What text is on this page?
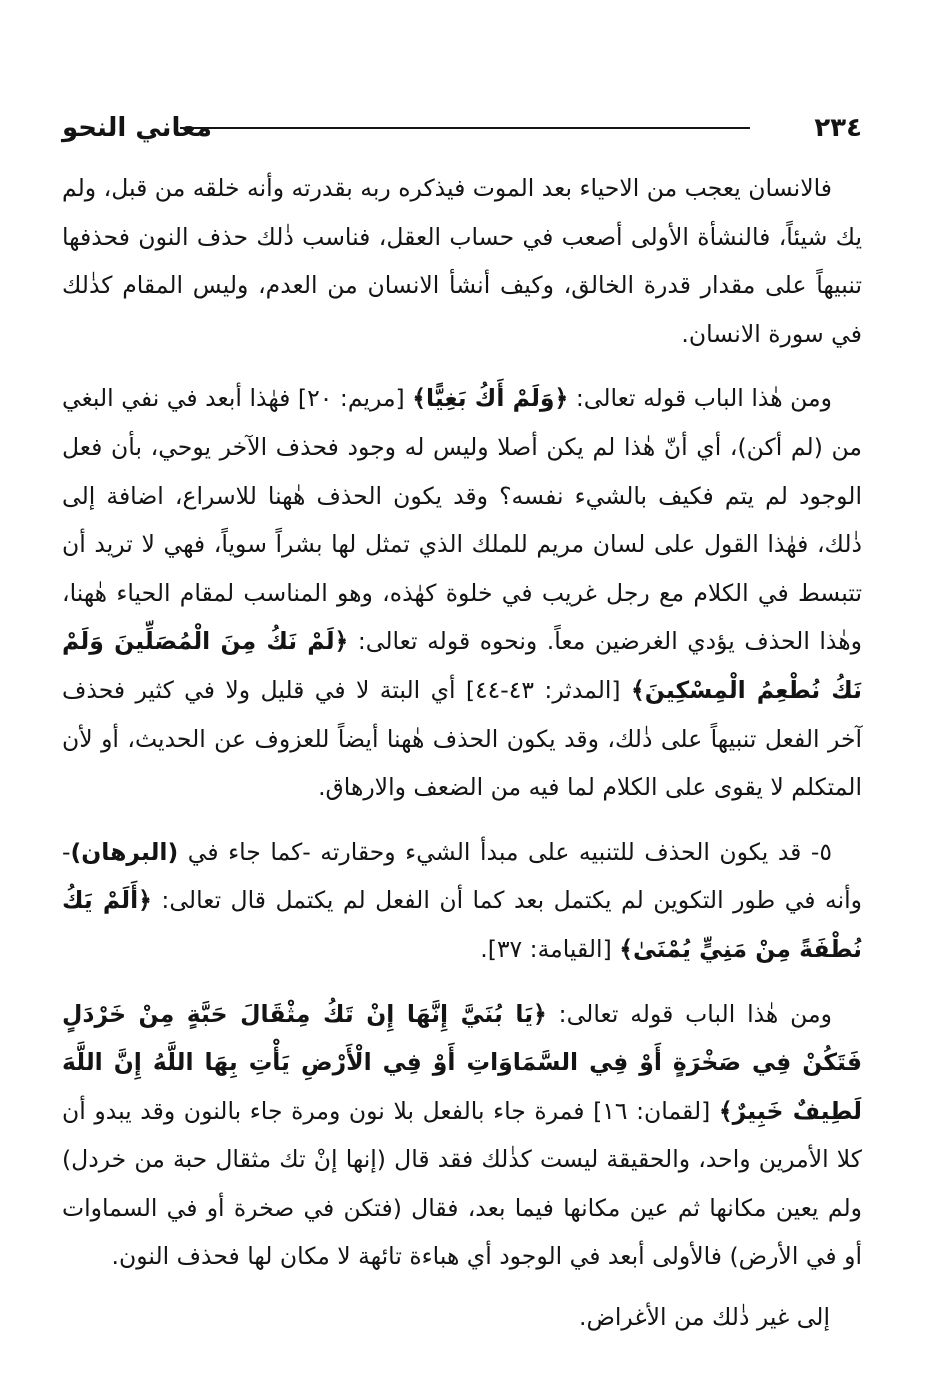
معاني النحو	٢٣٤

فالانسان يعجب من الاحياء بعد الموت فيذكره ربه بقدرته وأنه خلقه من قبل، ولم يك شيئاً، فالنشأة الأولى أصعب في حساب العقل، فناسب ذٰلك حذف النون فحذفها تنبيهاً على مقدار قدرة الخالق، وكيف أنشأ الانسان من العدم، وليس المقام كذٰلك في سورة الانسان.

ومن هٰذا الباب قوله تعالى: ﴿وَلَمْ أَكُ بَغِيًّا﴾ [مريم: ٢٠] فهٰذا أبعد في نفي البغي من (لم أكن)، أي أنّ هٰذا لم يكن أصلا وليس له وجود فحذف الآخر يوحي، بأن فعل الوجود لم يتم فكيف بالشيء نفسه؟ وقد يكون الحذف هٰهنا للاسراع، اضافة إلى ذٰلك، فهٰذا القول على لسان مريم للملك الذي تمثل لها بشراً سوياً، فهي لا تريد أن تتبسط في الكلام مع رجل غريب في خلوة كهٰذه، وهو المناسب لمقام الحياء هٰهنا، وهٰذا الحذف يؤدي الغرضين معاً. ونحوه قوله تعالى: ﴿لَمْ نَكُ مِنَ الْمُصَلِّينَ وَلَمْ نَكُ نُطْعِمُ الْمِسْكِينَ﴾ [المدثر: ٤٣-٤٤] أي البتة لا في قليل ولا في كثير فحذف آخر الفعل تنبيهاً على ذٰلك، وقد يكون الحذف هٰهنا أيضاً للعزوف عن الحديث، أو لأن المتكلم لا يقوى على الكلام لما فيه من الضعف والارهاق.

٥- قد يكون الحذف للتنبيه على مبدأ الشيء وحقارته -كما جاء في (البرهان)- وأنه في طور التكوين لم يكتمل بعد كما أن الفعل لم يكتمل قال تعالى: ﴿أَلَمْ يَكُ نُطْفَةً مِنْ مَنِيٍّ يُمْنَىٰ﴾ [القيامة: ٣٧].

ومن هٰذا الباب قوله تعالى: ﴿يَا بُنَيَّ إِنَّهَا إِنْ تَكُ مِثْقَالَ حَبَّةٍ مِنْ خَرْدَلٍ فَتَكُنْ فِي صَخْرَةٍ أَوْ فِي السَّمَاوَاتِ أَوْ فِي الْأَرْضِ يَأْتِ بِهَا اللَّهُ إِنَّ اللَّهَ لَطِيفٌ خَبِيرٌ﴾ [لقمان: ١٦] فمرة جاء بالفعل بلا نون ومرة جاء بالنون وقد يبدو أن كلا الأمرين واحد، والحقيقة ليست كذٰلك فقد قال (إنها إنْ تك مثقال حبة من خردل) ولم يعين مكانها ثم عين مكانها فيما بعد، فقال (فتكن في صخرة أو في السماوات أو في الأرض) فالأولى أبعد في الوجود أي هباءة تائهة لا مكان لها فحذف النون.

إلى غير ذٰلك من الأغراض.
